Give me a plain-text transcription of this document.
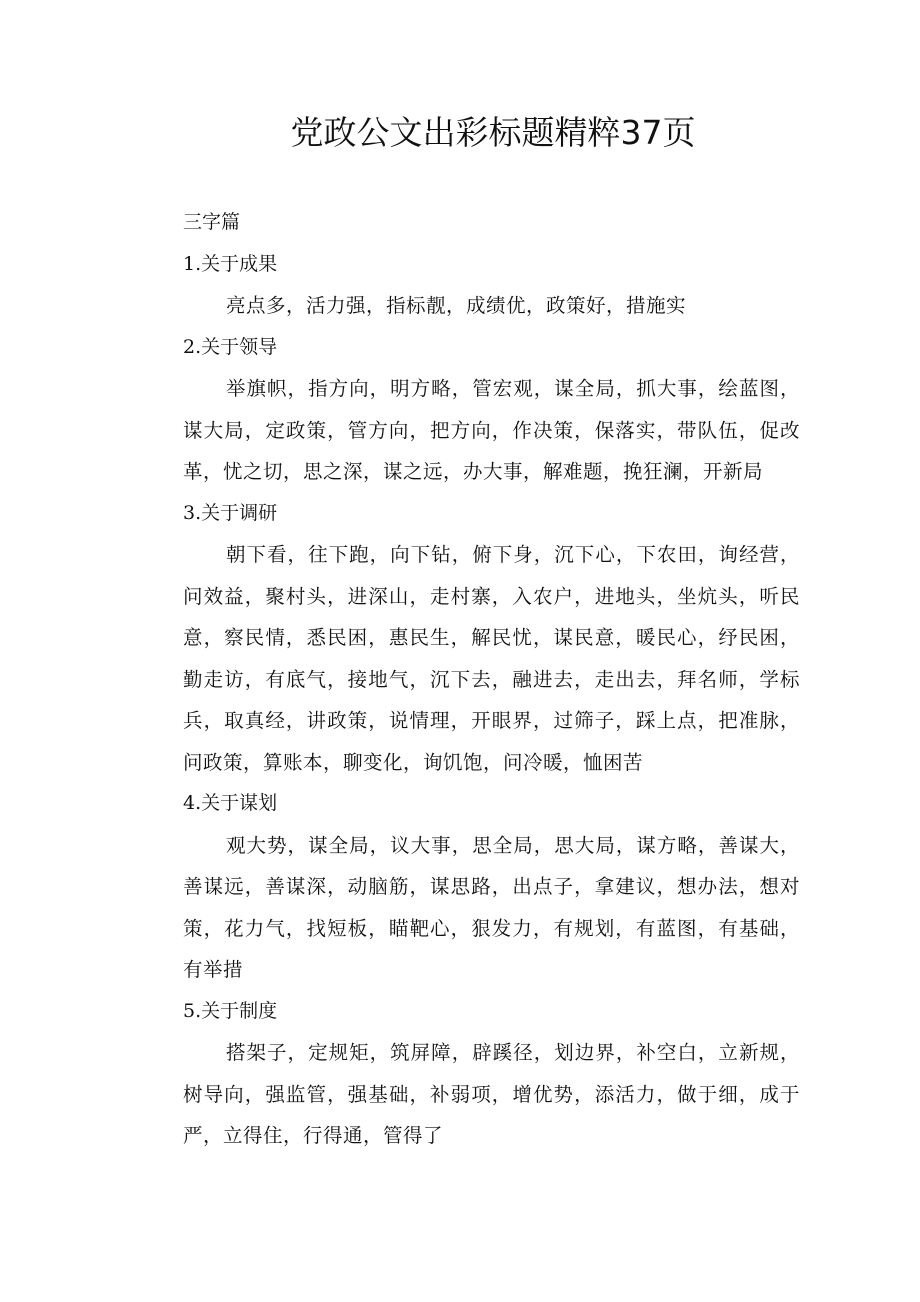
党政公文出彩标题精粹37页

三字篇

1.关于成果

亮点多，活力强，指标靓，成绩优，政策好，措施实

2.关于领导

举旗帜，指方向，明方略，管宏观，谋全局，抓大事，绘蓝图，
谋大局，定政策，管方向，把方向，作决策，保落实，带队伍，促改
革，忧之切，思之深，谋之远，办大事，解难题，挽狂澜，开新局

3.关于调研

朝下看，往下跑，向下钻，俯下身，沉下心，下农田，询经营，
问效益，聚村头，进深山，走村寨，入农户，进地头，坐炕头，听民
意，察民情，悉民困，惠民生，解民忧，谋民意，暖民心，纾民困，
勤走访，有底气，接地气，沉下去，融进去，走出去，拜名师，学标
兵，取真经，讲政策，说情理，开眼界，过筛子，踩上点，把准脉，
问政策，算账本，聊变化，询饥饱，问冷暖，恤困苦

4.关于谋划

观大势，谋全局，议大事，思全局，思大局，谋方略，善谋大，
善谋远，善谋深，动脑筋，谋思路，出点子，拿建议，想办法，想对
策，花力气，找短板，瞄靶心，狠发力，有规划，有蓝图，有基础，
有举措

5.关于制度

搭架子，定规矩，筑屏障，辟蹊径，划边界，补空白，立新规，
树导向，强监管，强基础，补弱项，增优势，添活力，做于细，成于
严，立得住，行得通，管得了
